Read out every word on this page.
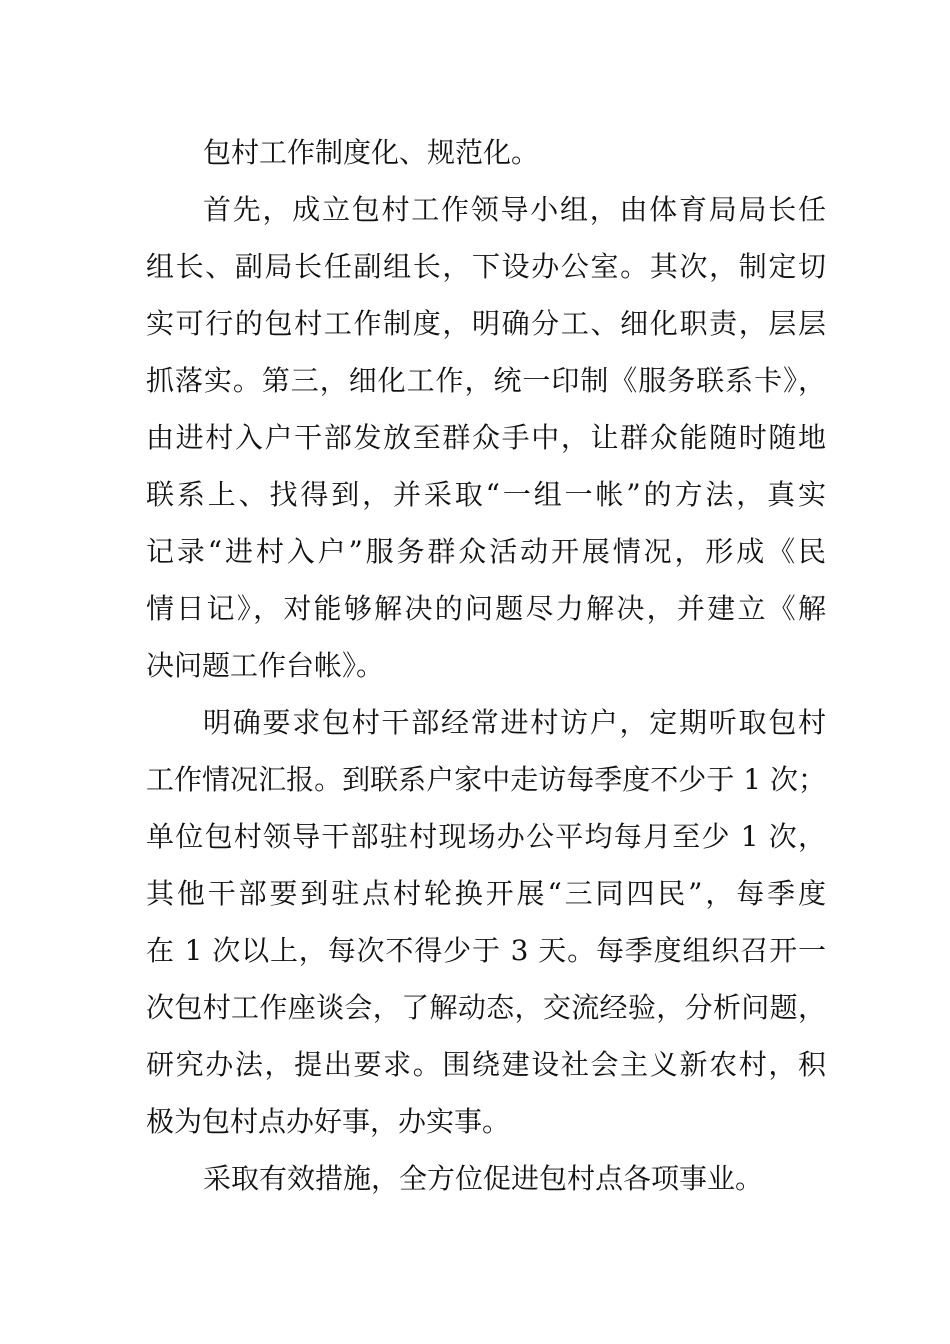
包村工作制度化、规范化。
首先，成立包村工作领导小组，由体育局局长任
组长、副局长任副组长，下设办公室。其次，制定切
实可行的包村工作制度，明确分工、细化职责，层层
抓落实。第三，细化工作，统一印制《服务联系卡》，
由进村入户干部发放至群众手中，让群众能随时随地
联系上、找得到，并采取“一组一帐”的方法，真实
记录“进村入户”服务群众活动开展情况，形成《民
情日记》，对能够解决的问题尽力解决，并建立《解
决问题工作台帐》。
明确要求包村干部经常进村访户，定期听取包村
工作情况汇报。到联系户家中走访每季度不少于 1 次；
单位包村领导干部驻村现场办公平均每月至少 1 次，
其他干部要到驻点村轮换开展“三同四民”，每季度
在 1 次以上，每次不得少于 3 天。每季度组织召开一
次包村工作座谈会，了解动态，交流经验，分析问题，
研究办法，提出要求。围绕建设社会主义新农村，积
极为包村点办好事，办实事。
采取有效措施，全方位促进包村点各项事业。
